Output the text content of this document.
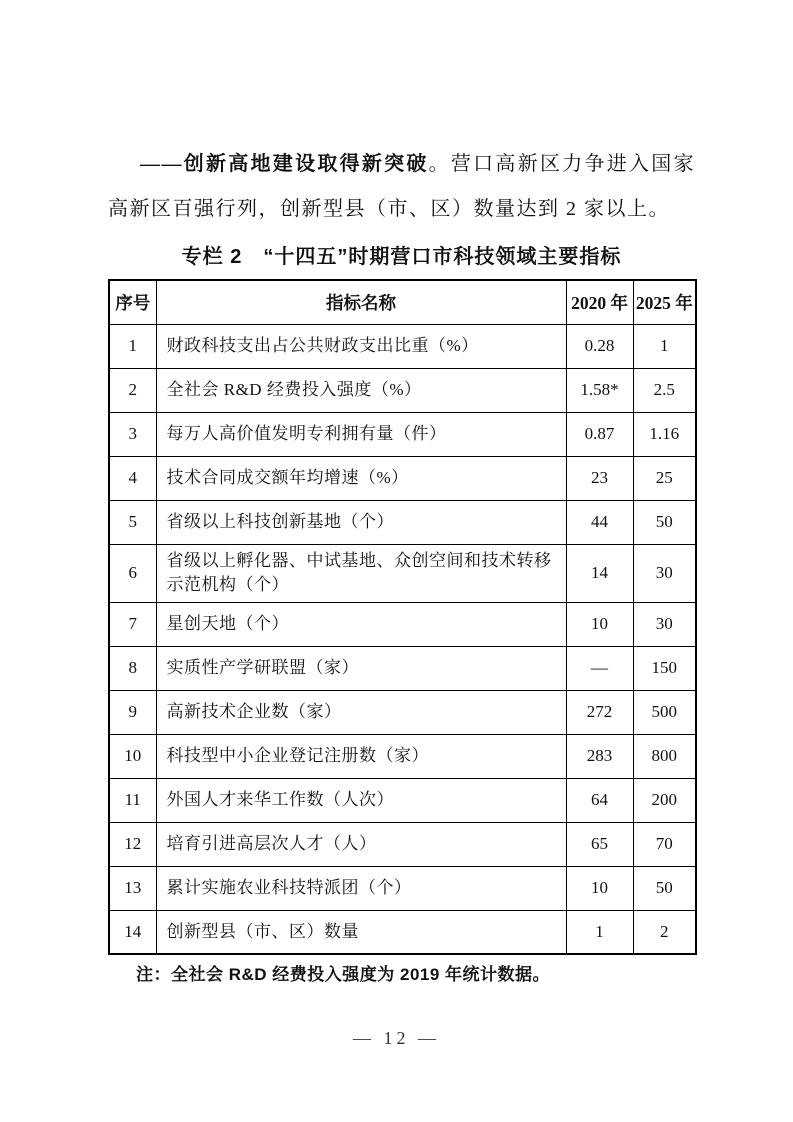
——创新高地建设取得新突破。营口高新区力争进入国家高新区百强行列，创新型县（市、区）数量达到 2 家以上。

专栏 2　“十四五”时期营口市科技领域主要指标
序号	指标名称	2020 年	2025 年
1	财政科技支出占公共财政支出比重（%）	0.28	1
2	全社会 R&D 经费投入强度（%）	1.58*	2.5
3	每万人高价值发明专利拥有量（件）	0.87	1.16
4	技术合同成交额年均增速（%）	23	25
5	省级以上科技创新基地（个）	44	50
6	省级以上孵化器、中试基地、众创空间和技术转移示范机构（个）	14	30
7	星创天地（个）	10	30
8	实质性产学研联盟（家）	—	150
9	高新技术企业数（家）	272	500
10	科技型中小企业登记注册数（家）	283	800
11	外国人才来华工作数（人次）	64	200
12	培育引进高层次人才（人）	65	70
13	累计实施农业科技特派团（个）	10	50
14	创新型县（市、区）数量	1	2
注：全社会 R&D 经费投入强度为 2019 年统计数据。
— 12 —
